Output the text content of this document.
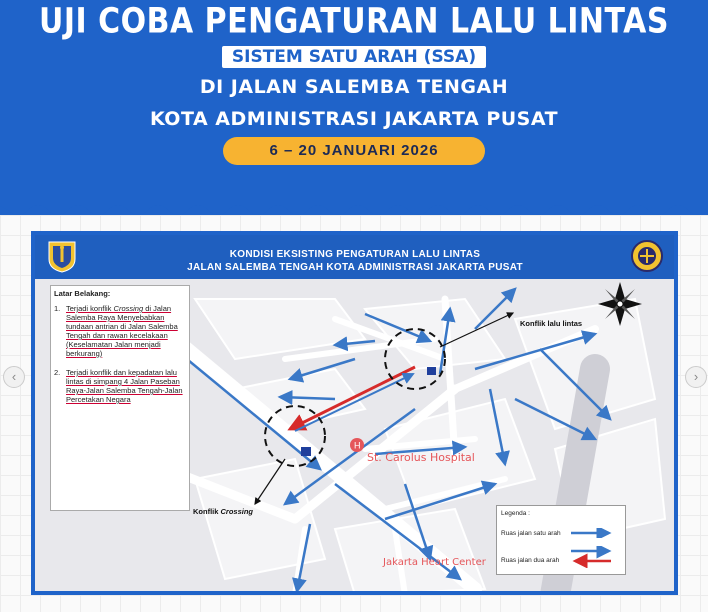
UJI COBA PENGATURAN LALU LINTAS
SISTEM SATU ARAH (SSA)
DI JALAN SALEMBA TENGAH
KOTA ADMINISTRASI JAKARTA PUSAT
6 – 20 JANUARI 2026
‹	›
KONDISI EKSISTING PENGATURAN LALU LINTAS
JALAN SALEMBA TENGAH KOTA ADMINISTRASI JAKARTA PUSAT
H
Latar Belakang:
1. Terjadi konflik Crossing di Jalan Salemba Raya Menyebabkan tundaan antrian di Jalan Salemba Tengah dan rawan kecelakaan (Keselamatan Jalan menjadi berkurang)
2. Terjadi konflik dan kepadatan lalu lintas di simpang 4 Jalan Paseban Raya-Jalan Salemba Tengah-Jalan Percetakan Negara
Konflik lalu lintas
Konflik Crossing
St. Carolus Hospital
Jakarta Heart Center
Legenda :
Ruas jalan satu arah
Ruas jalan dua arah
